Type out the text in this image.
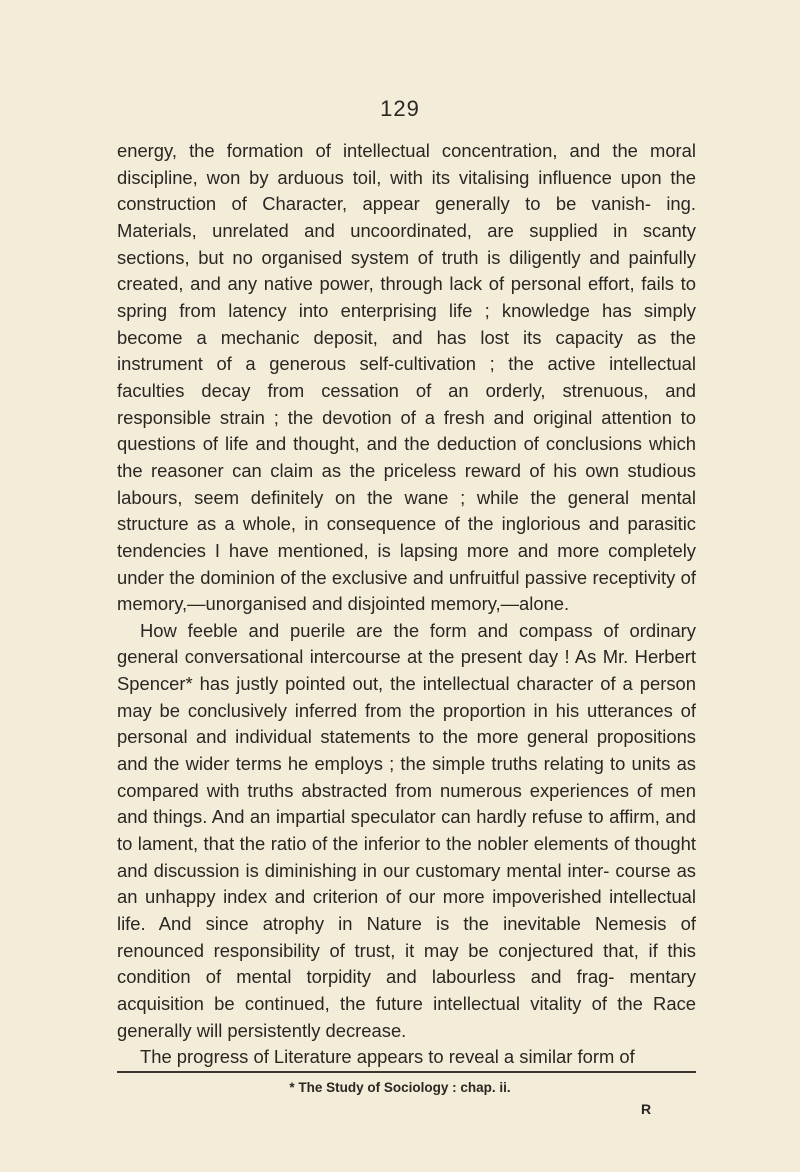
129

energy, the formation of intellectual concentration, and the moral discipline, won by arduous toil, with its vitalising influence upon the construction of Character, appear generally to be vanish- ing. Materials, unrelated and uncoordinated, are supplied in scanty sections, but no organised system of truth is diligently and painfully created, and any native power, through lack of personal effort, fails to spring from latency into enterprising life ; knowledge has simply become a mechanic deposit, and has lost its capacity as the instrument of a generous self-cultivation ; the active intellectual faculties decay from cessation of an orderly, strenuous, and responsible strain ; the devotion of a fresh and original attention to questions of life and thought, and the deduction of conclusions which the reasoner can claim as the priceless reward of his own studious labours, seem definitely on the wane ; while the general mental structure as a whole, in consequence of the inglorious and parasitic tendencies I have mentioned, is lapsing more and more completely under the dominion of the exclusive and unfruitful passive receptivity of memory,—unorganised and disjointed memory,—alone.

How feeble and puerile are the form and compass of ordinary general conversational intercourse at the present day ! As Mr. Herbert Spencer* has justly pointed out, the intellectual character of a person may be conclusively inferred from the proportion in his utterances of personal and individual statements to the more general propositions and the wider terms he employs ; the simple truths relating to units as compared with truths abstracted from numerous experiences of men and things. And an impartial speculator can hardly refuse to affirm, and to lament, that the ratio of the inferior to the nobler elements of thought and discussion is diminishing in our customary mental inter- course as an unhappy index and criterion of our more impoverished intellectual life. And since atrophy in Nature is the inevitable Nemesis of renounced responsibility of trust, it may be conjectured that, if this condition of mental torpidity and labourless and frag- mentary acquisition be continued, the future intellectual vitality of the Race generally will persistently decrease.

The progress of Literature appears to reveal a similar form of

* The Study of Sociology : chap. ii.
R
